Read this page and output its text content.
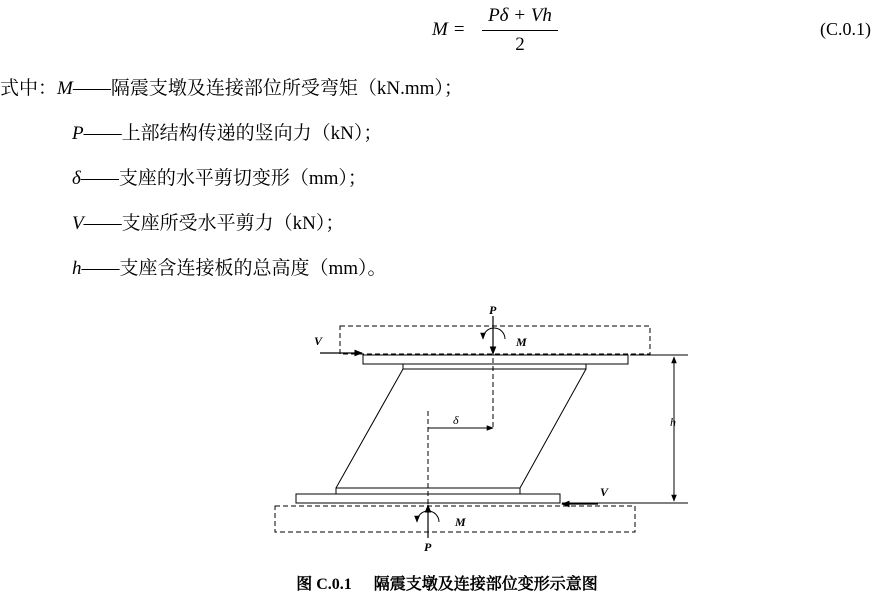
$M = \frac{P\delta + Vh}{2}$	(C.0.1)
式中：M——隔震支墩及连接部位所受弯矩（kN.mm）；
P——上部结构传递的竖向力（kN）；
δ——支座的水平剪切变形（mm）；
V——支座所受水平剪力（kN）；
h——支座含连接板的总高度（mm）。
δ	h
P
M
V
V
P
M
图 C.0.1 隔震支墩及连接部位变形示意图
